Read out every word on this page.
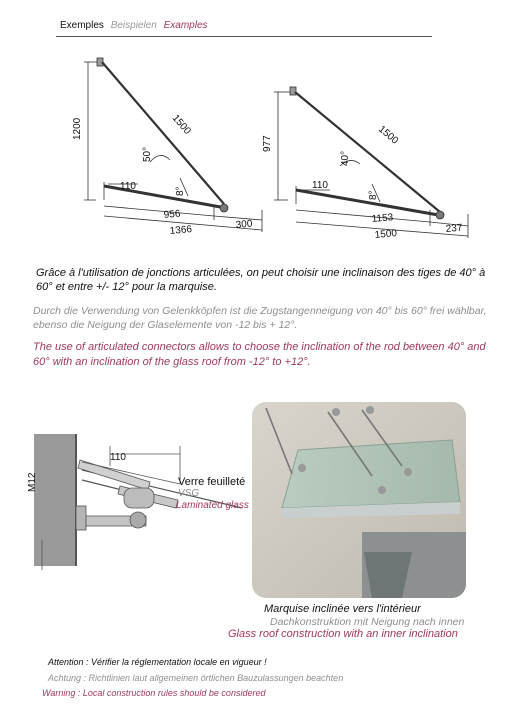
Exemples Beispielen Examples
1200	1500
50°
8°
110
956
1366	300
977	1500
40°
8°
110
1153
1500	237
Grâce à l'utilisation de jonctions articulées, on peut choisir une inclinaison des tiges de 40° à 60° et entre +/- 12° pour la marquise.
Durch die Verwendung von Gelenkköpfen ist die Zugstangenneigung von 40° bis 60° frei wählbar, ebenso die Neigung der Glaselemente von -12 bis + 12°.
The use of articulated connectors allows to choose the inclination of the rod between 40° and 60° with an inclination of the glass roof from -12° to +12°.
110
M12	Verre feuilleté
VSG
Laminated glass
Marquise inclinée vers l'intérieur
Dachkonstruktion mit Neigung nach innen
Glass roof construction with an inner inclination
Attention : Vérifier la réglementation locale en vigueur !
Achtung : Richtlinien laut allgemeinen örtlichen Bauzulassungen beachten
Warning : Local construction rules should be considered
